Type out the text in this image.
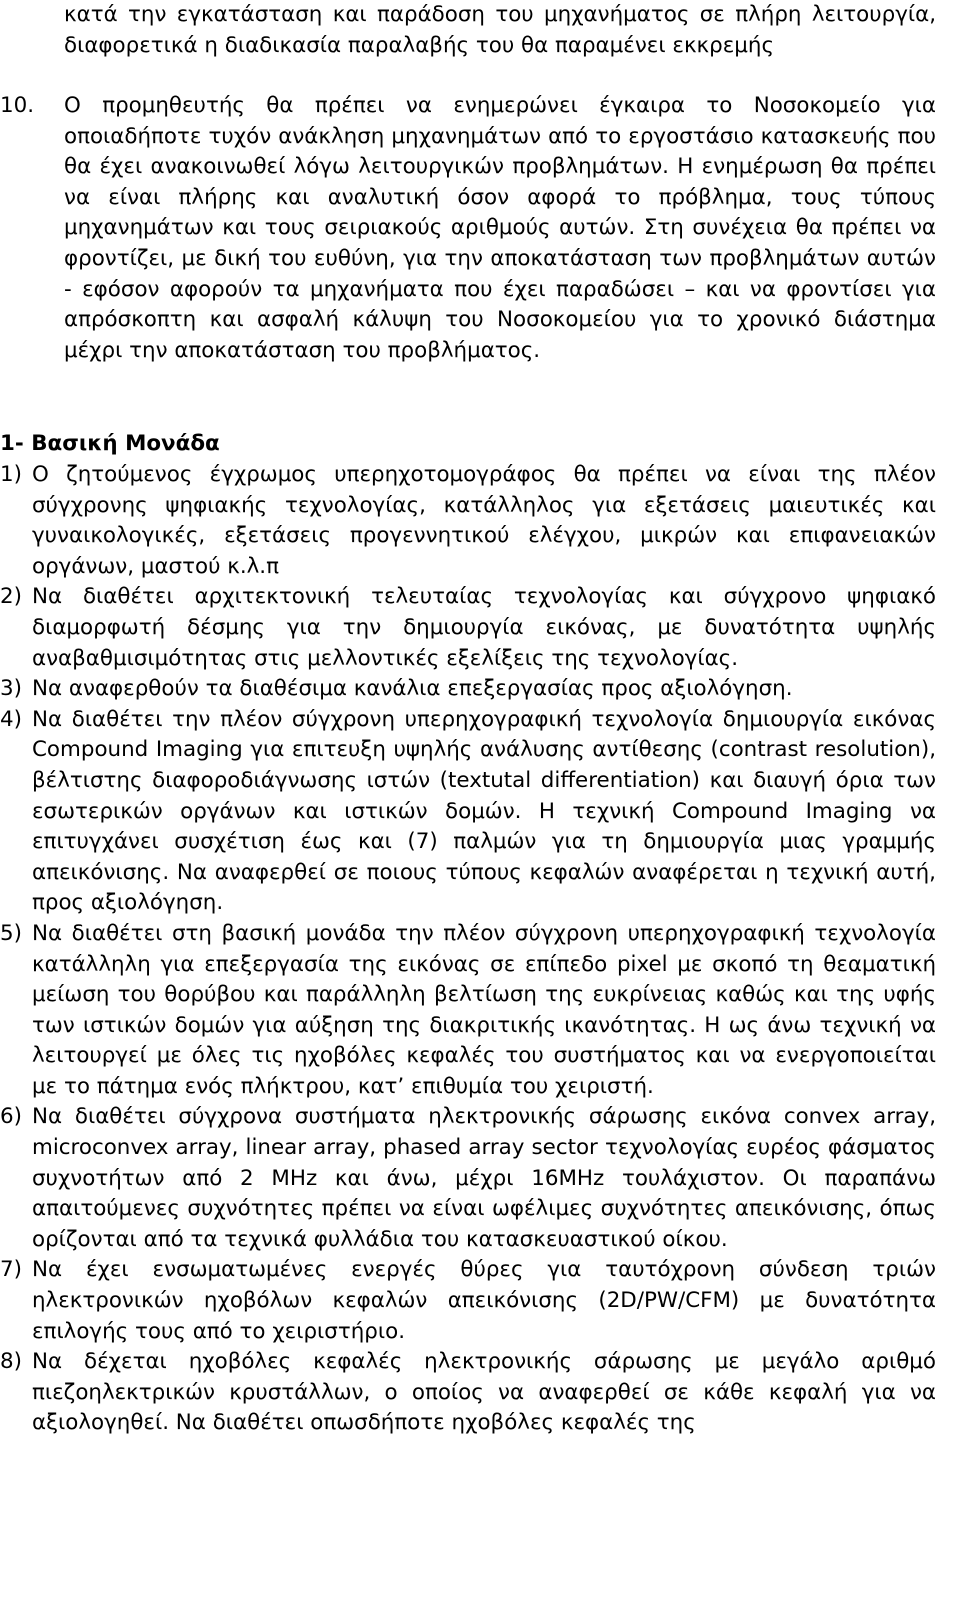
κατά την εγκατάσταση και παράδοση του μηχανήματος σε πλήρη λειτουργία, διαφορετικά η διαδικασία παραλαβής του θα παραμένει εκκρεμής
10.	Ο προμηθευτής θα πρέπει να ενημερώνει έγκαιρα το Νοσοκομείο για οποιαδήποτε τυχόν ανάκληση μηχανημάτων από το εργοστάσιο κατασκευής που θα έχει ανακοινωθεί λόγω λειτουργικών προβλημάτων. Η ενημέρωση θα πρέπει να είναι πλήρης και αναλυτική όσον αφορά το πρόβλημα, τους τύπους μηχανημάτων και τους σειριακούς αριθμούς αυτών. Στη συνέχεια θα πρέπει να φροντίζει, με δική του ευθύνη, για την αποκατάσταση των προβλημάτων αυτών - εφόσον αφορούν τα μηχανήματα που έχει παραδώσει – και να φροντίσει για απρόσκοπτη και ασφαλή κάλυψη του Νοσοκομείου για το χρονικό διάστημα μέχρι την αποκατάσταση του προβλήματος.
1- Βασική Μονάδα
1) Ο ζητούμενος έγχρωμος υπερηχοτομογράφος θα πρέπει να είναι της πλέον σύγχρονης ψηφιακής τεχνολογίας, κατάλληλος για εξετάσεις μαιευτικές και γυναικολογικές, εξετάσεις προγεννητικού ελέγχου, μικρών και επιφανειακών οργάνων, μαστού κ.λ.π
2) Να διαθέτει αρχιτεκτονική τελευταίας τεχνολογίας και σύγχρονο ψηφιακό διαμορφωτή δέσμης για την δημιουργία εικόνας, με δυνατότητα υψηλής αναβαθμισιμότητας στις μελλοντικές εξελίξεις της τεχνολογίας.
3) Να αναφερθούν τα διαθέσιμα κανάλια επεξεργασίας προς αξιολόγηση.
4) Να διαθέτει την πλέον σύγχρονη υπερηχογραφική τεχνολογία δημιουργία εικόνας Compound Imaging για επιτευξη υψηλής ανάλυσης αντίθεσης (contrast resolution), βέλτιστης διαφοροδιάγνωσης ιστών (textutal differentiation) και διαυγή όρια των εσωτερικών οργάνων και ιστικών δομών. Η τεχνική Compound Imaging να επιτυγχάνει συσχέτιση έως και (7) παλμών για τη δημιουργία μιας γραμμής απεικόνισης. Να αναφερθεί σε ποιους τύπους κεφαλών αναφέρεται η τεχνική αυτή, προς αξιολόγηση.
5) Να διαθέτει στη βασική μονάδα την πλέον σύγχρονη υπερηχογραφική τεχνολογία κατάλληλη για επεξεργασία της εικόνας σε επίπεδο pixel με σκοπό τη θεαματική μείωση του θορύβου και παράλληλη βελτίωση της ευκρίνειας καθώς και της υφής των ιστικών δομών για αύξηση της διακριτικής ικανότητας. Η ως άνω τεχνική να λειτουργεί με όλες τις ηχοβόλες κεφαλές του συστήματος και να ενεργοποιείται με το πάτημα ενός πλήκτρου, κατ’ επιθυμία του χειριστή.
6) Να διαθέτει σύγχρονα συστήματα ηλεκτρονικής σάρωσης εικόνα convex array, microconvex array, linear array, phased array sector τεχνολογίας ευρέος φάσματος συχνοτήτων από 2 MHz και άνω, μέχρι 16MHz τουλάχιστον. Οι παραπάνω απαιτούμενες συχνότητες πρέπει να είναι ωφέλιμες συχνότητες απεικόνισης, όπως ορίζονται από τα τεχνικά φυλλάδια του κατασκευαστικού οίκου.
7) Να έχει ενσωματωμένες ενεργές θύρες για ταυτόχρονη σύνδεση τριών ηλεκτρονικών ηχοβόλων κεφαλών απεικόνισης (2D/PW/CFM) με δυνατότητα επιλογής τους από το χειριστήριο.
8) Να δέχεται ηχοβόλες κεφαλές ηλεκτρονικής σάρωσης με μεγάλο αριθμό πιεζοηλεκτρικών κρυστάλλων, ο οποίος να αναφερθεί σε κάθε κεφαλή για να αξιολογηθεί. Να διαθέτει οπωσδήποτε ηχοβόλες κεφαλές της
